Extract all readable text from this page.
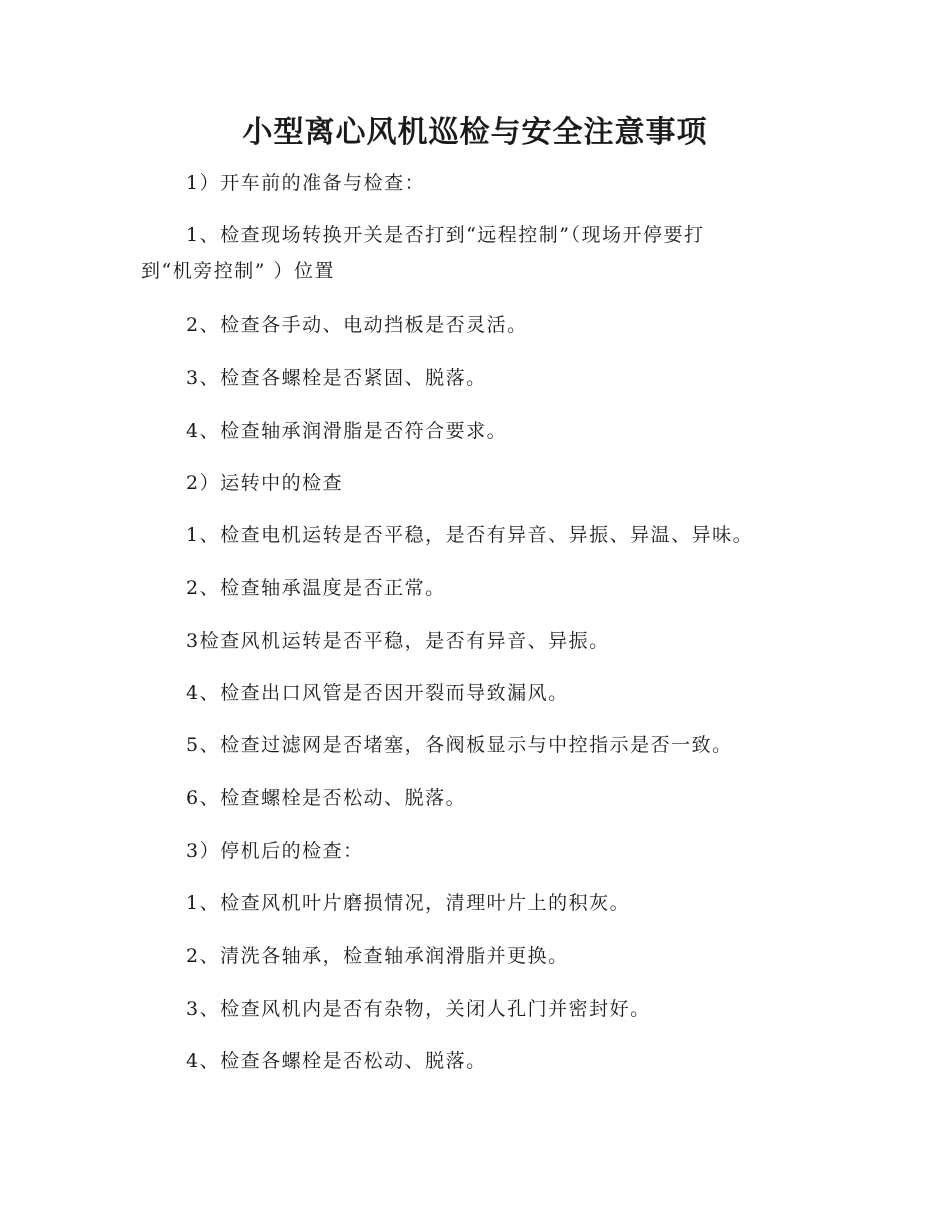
小型离心风机巡检与安全注意事项
1）开车前的准备与检查：
1、检查现场转换开关是否打到“远程控制”（现场开停要打
到“机旁控制” ）位置
2、检查各手动、电动挡板是否灵活。
3、检查各螺栓是否紧固、脱落。
4、检查轴承润滑脂是否符合要求。
2）运转中的检查
1、检查电机运转是否平稳，是否有异音、异振、异温、异味。
2、检查轴承温度是否正常。
3检查风机运转是否平稳，是否有异音、异振。
4、检查出口风管是否因开裂而导致漏风。
5、检查过滤网是否堵塞，各阀板显示与中控指示是否一致。
6、检查螺栓是否松动、脱落。
3）停机后的检查：
1、检查风机叶片磨损情况，清理叶片上的积灰。
2、清洗各轴承，检查轴承润滑脂并更换。
3、检查风机内是否有杂物，关闭人孔门并密封好。
4、检查各螺栓是否松动、脱落。
